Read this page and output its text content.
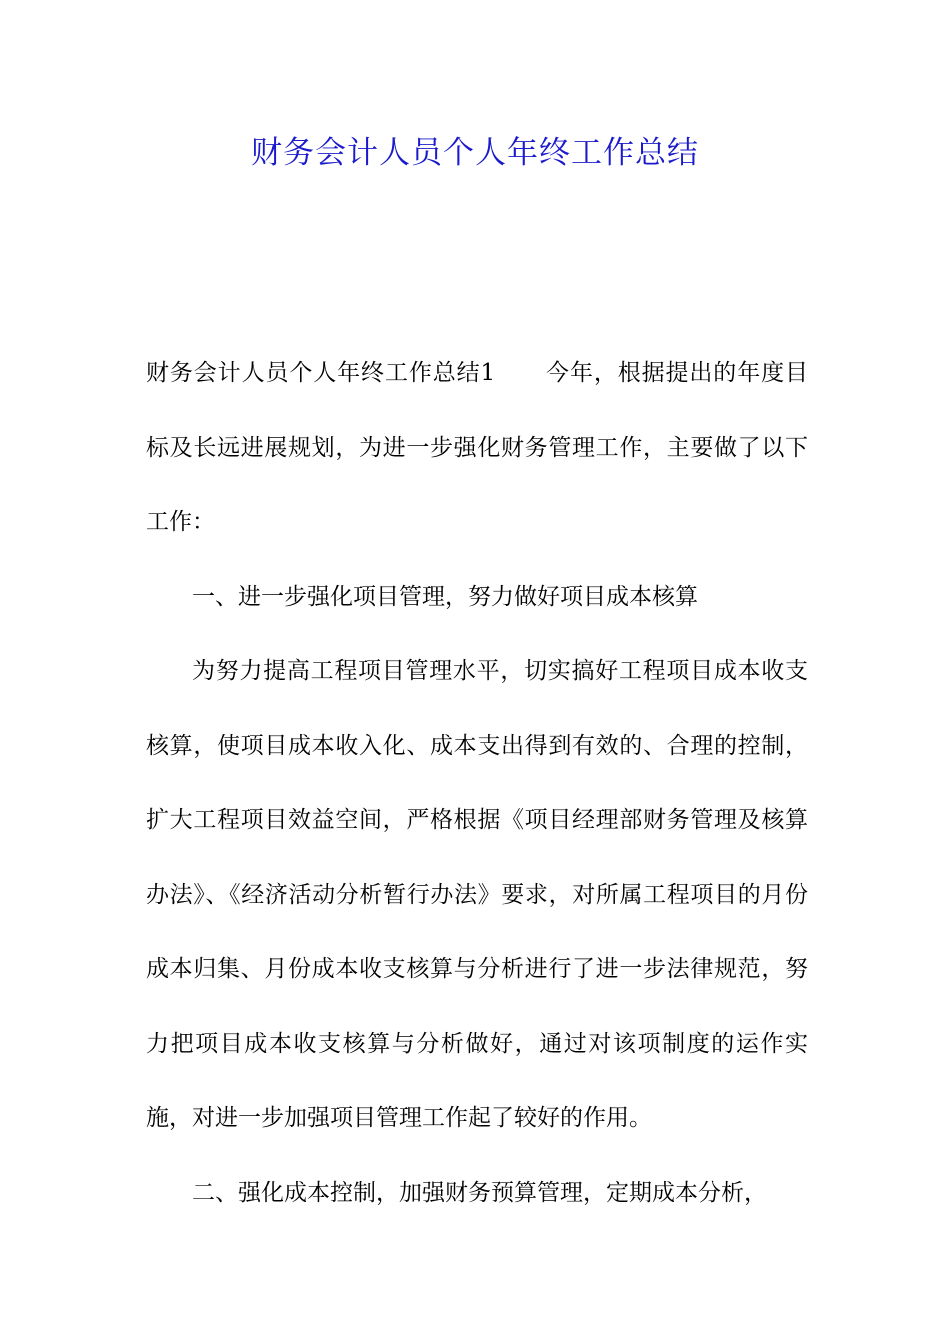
财务会计人员个人年终工作总结

财务会计人员个人年终工作总结1 今年，根据提出的年度目标及长远进展规划，为进一步强化财务管理工作，主要做了以下工作：

一、进一步强化项目管理，努力做好项目成本核算

为努力提高工程项目管理水平，切实搞好工程项目成本收支核算，使项目成本收入化、成本支出得到有效的、合理的控制，扩大工程项目效益空间，严格根据《项目经理部财务管理及核算办法》、《经济活动分析暂行办法》要求，对所属工程项目的月份成本归集、月份成本收支核算与分析进行了进一步法律规范，努力把项目成本收支核算与分析做好，通过对该项制度的运作实施，对进一步加强项目管理工作起了较好的作用。

二、强化成本控制，加强财务预算管理，定期成本分析，
